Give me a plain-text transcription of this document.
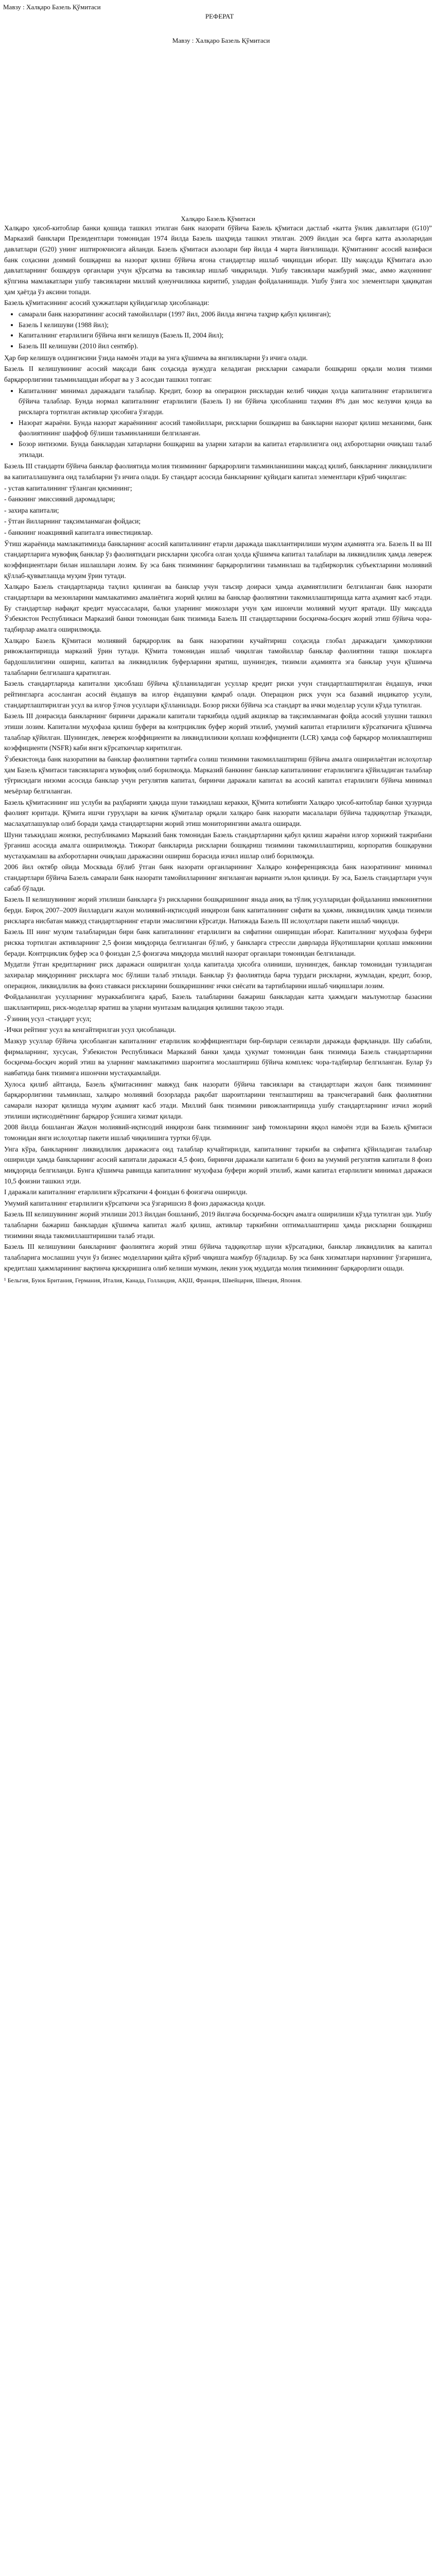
Мавзу : Халқаро Базель Қўмитаси
РЕФЕРАТ
Мавзу : Халқаро Базель Қўмитаси
Халқаро Базель Қўмитаси

Халқаро ҳисоб-китоблар банки қошида ташкил этилган банк назорати бўйича Базель қўмитаси дастлаб «катта ўнлик давлатлари (G10)” Марказий банклари Президентлари томонидан 1974 йилда Базель шаҳрида ташкил этилган. 2009 йилдан эса бирга катта аъзоларидан давлатлари (G20) унинг иштирокчисига айланди. Базель қўмитаси аъзолари бир йилда 4 марта йиғилишади. Қўмитанинг асосий вазифаси банк соҳасини доимий бошқариш ва назорат қилиш бўйича ягона стандартлар ишлаб чиқишдан иборат. Шу мақсадда Қўмитага аъзо давлатларнинг бошқарув органлари учун қўрсатма ва тавсиялар ишлаб чиқарилади. Ушбу тавсиялари мажбурий эмас, аммо жаҳоннинг кўпгина мамлакатлари ушбу тавсияларни миллий қонунчиликка киритиб, улардан фойдаланишади. Ушбу ўзига хос элементлари ҳақиқатан ҳам ҳаётда ўз аксини топади.

Базель қўмитасининг асосий ҳужжатлари қуйидагилар ҳисобланади:

• самарали банк назоратининг асосий тамойиллари (1997 йил, 2006 йилда янгича таҳрир қабул қилинган);
• Базель I келишуви (1988 йил);
• Капиталнинг етарлилиги бўйича янги келишув (Базель II, 2004 йил);
• Базель III келишуви (2010 йил сентябр).

Ҳар бир келишув олдингисини ўзида намоён этади ва унга қўшимча ва янгиликларни ўз ичига олади.

Базель II келишувининг асосий мақсади банк соҳасида вужудга келадиган рискларни самарали бошқариш орқали молия тизими барқарорлигини таъминлашдан иборат ва у 3 асосдан ташкил топган:

• Капиталнинг минимал даражадаги талаблар. Кредит, бозор ва операцион рисклардан келиб чиққан ҳолда капиталнинг етарлилигига бўйича талаблар. Бунда нормал капиталнинг етарлилиги (Базель I) ни бўйича ҳисобланиш таҳмин 8% дан мос келувчи қоида ва рискларга тортилган активлар ҳисобига ўзгарди.
• Назорат жараёни. Бунда назорат жараёнининг асосий тамойиллари, рискларни бошқариш ва банкларни назорат қилиш механизми, банк фаолиятининг шаффоф бўлиши таъминланиши белгиланган.
• Бозор интизоми. Бунда банклардан хатарларни бошқариш ва уларни хатарли ва капитал етарлилигига оид ахборотларни очиқлаш талаб этилади.

Базель III стандарти бўйича банклар фаолиятида молия тизимининг барқарорлиги таъминланишини мақсад қилиб, банкларнинг ликвидлилиги ва капиталлашувига оид талабларни ўз ичига олади. Бу стандарт асосида банкларнинг қуйидаги капитал элементлари кўриб чиқилган:

- устав капиталининг тўланган қисмининг;

- банкнинг эмиссиявий даромадлари;

- захира капитали;

- ўтган йилларнинг тақсимланмаган фойдаси;

- банкнинг ноакциявий капиталга инвестициялар.

Ўтиш жараёнида мамлакатимизда банкларнинг асосий капиталининг етарли даражада шакллантирилиши муҳим аҳамиятга эга. Базель II ва III стандартларига мувофиқ банклар ўз фаолиятидаги рискларни ҳисобга олган ҳолда қўшимча капитал талаблари ва ликвидлилик ҳамда левереж коэффициентлари билан ишлашлари лозим. Бу эса банк тизимининг барқарорлигини таъминлаш ва тадбиркорлик субъектларини молиявий қўллаб-қувватлашда муҳим ўрин тутади.

Халқаро Базель стандартларида таҳлил қилинган ва банклар учун таъсир доираси ҳамда аҳамиятлилиги белгиланган банк назорати стандартлари ва мезонларини мамлакатимиз амалиётига жорий қилиш ва банклар фаолиятини такомиллаштиришда катта аҳамият касб этади. Бу стандартлар нафақат кредит муассасалари, балки уларнинг мижозлари учун ҳам ишончли молиявий муҳит яратади. Шу мақсадда Ўзбекистон Республикаси Марказий банки томонидан банк тизимида Базель III стандартларини босқичма-босқич жорий этиш бўйича чора-тадбирлар амалга оширилмоқда.

Халқаро Базель Қўмитаси молиявий барқарорлик ва банк назоратини кучайтириш соҳасида глобал даражадаги ҳамкорликни ривожлантиришда марказий ўрин тутади. Қўмита томонидан ишлаб чиқилган тамойиллар банклар фаолиятини ташқи шокларга бардошлилигини ошириш, капитал ва ликвидлилик буферларини яратиш, шунингдек, тизимли аҳамиятга эга банклар учун қўшимча талабларни белгилашга қаратилган.

Базель стандартларида капитални ҳисоблаш бўйича қўлланиладиган усуллар кредит риски учун стандартлаштирилган ёндашув, ички рейтингларга асосланган асосий ёндашув ва илғор ёндашувни қамраб олади. Операцион риск учун эса базавий индикатор усули, стандартлаштирилган усул ва илғор ўлчов усуллари қўлланилади. Бозор риски бўйича эса стандарт ва ички моделлар усули кўзда тутилган.

Базель III доирасида банкларнинг биринчи даражали капитали таркибида оддий акциялар ва тақсимланмаган фойда асосий улушни ташкил этиши лозим. Капитални муҳофаза қилиш буфери ва контрциклик буфер жорий этилиб, умумий капитал етарлилиги кўрсаткичига қўшимча талаблар қўйилган. Шунингдек, левереж коэффициенти ва ликвидлиликни қоплаш коэффициенти (LCR) ҳамда соф барқарор молиялаштириш коэффициенти (NSFR) каби янги кўрсаткичлар киритилган.

Ўзбекистонда банк назоратини ва банклар фаолиятини тартибга солиш тизимини такомиллаштириш бўйича амалга оширилаётган ислоҳотлар ҳам Базель қўмитаси тавсияларига мувофиқ олиб борилмоқда. Марказий банкнинг банклар капиталининг етарлилигига қўйиладиган талаблар тўғрисидаги низоми асосида банклар учун регулятив капитал, биринчи даражали капитал ва асосий капитал етарлилиги бўйича минимал меъёрлар белгиланган.

Базель қўмитасининг иш услуби ва раҳбарияти ҳақида шуни таъкидлаш керакки, Қўмита котибияти Халқаро ҳисоб-китоблар банки ҳузурида фаолият юритади. Қўмита ишчи гуруҳлари ва кичик қўмиталар орқали халқаро банк назорати масалалари бўйича тадқиқотлар ўтказади, маслаҳатлашувлар олиб боради ҳамда стандартларни жорий этиш мониторингини амалга оширади.

Шуни таъкидлаш жоизки, республикамиз Марказий банк томонидан Базель стандартларини қабул қилиш жараёни илғор хорижий тажрибани ўрганиш асосида амалга оширилмоқда. Тижорат банкларида рискларни бошқариш тизимини такомиллаштириш, корпоратив бошқарувни мустаҳкамлаш ва ахборотларни очиқлаш даражасини ошириш борасида изчил ишлар олиб борилмоқда.

2006 йил октябр ойида Москвада бўлиб ўтган банк назорати органларининг Халқаро конференциясида банк назоратининг минимал стандартлари бўйича Базель самарали банк назорати тамойилларининг янгиланган варианти эълон қилинди. Бу эса, Базель стандартлари учун сабаб бўлади.

Базель II келишувининг жорий этилиши банкларга ўз рискларини бошқаришнинг янада аниқ ва тўлиқ усулларидан фойдаланиш имкониятини берди. Бироқ 2007–2009 йиллардаги жаҳон молиявий-иқтисодий инқирози банк капиталининг сифати ва ҳажми, ликвидлилик ҳамда тизимли рискларга нисбатан мавжуд стандартларнинг етарли эмаслигини кўрсатди. Натижада Базель III ислоҳотлари пакети ишлаб чиқилди.

Базель III нинг муҳим талабларидан бири банк капиталининг етарлилиги ва сифатини оширишдан иборат. Капиталнинг муҳофаза буфери рискка тортилган активларнинг 2,5 фоизи миқдорида белгиланган бўлиб, у банкларга стрессли даврларда йўқотишларни қоплаш имконини беради. Контрциклик буфер эса 0 фоиздан 2,5 фоизгача миқдорда миллий назорат органлари томонидан белгиланади.

Мудатли ўтган кредитларнинг риск даражаси оширилган ҳолда капиталда ҳисобга олиниши, шунингдек, банклар томонидан тузиладиган захиралар миқдорининг рискларга мос бўлиши талаб этилади. Банклар ўз фаолиятида барча турдаги рискларни, жумладан, кредит, бозор, операцион, ликвидлилик ва фоиз ставкаси рискларини бошқаришнинг ички сиёсати ва тартибларини ишлаб чиқишлари лозим.

Фойдаланилган усулларнинг мураккаблигига қараб, Базель талабларини бажариш банклардан катта ҳажмдаги маълумотлар базасини шакллантириш, риск-моделлар яратиш ва уларни мунтазам валидация қилишни тақозо этади.

-Ўзиниң усул -стандарт усул;

-Ички рейтинг усул ва кенгайтирилган усул ҳисобланади.

Мазкур усуллар бўйича ҳисобланган капиталнинг етарлилик коэффициентлари бир-бирлари сезиларли даражада фарқланади. Шу сабабли, фирмаларнинг, хусусан, Ўзбекистон Республикаси Марказий банки ҳамда ҳукумат томонидан банк тизимида Базель стандартларини босқичма-босқич жорий этиш ва уларнинг мамлакатимиз шароитига мослаштириш бўйича комплекс чора-тадбирлар белгиланган. Булар ўз навбатида банк тизимига ишончни мустаҳкамлайди.

Хулоса қилиб айтганда, Базель қўмитасининг мавжуд банк назорати бўйича тавсиялари ва стандартлари жаҳон банк тизимининг барқарорлигини таъминлаш, халқаро молиявий бозорларда рақобат шароитларини тенглаштириш ва трансчегаравий банк фаолиятини самарали назорат қилишда муҳим аҳамият касб этади. Миллий банк тизимини ривожлантиришда ушбу стандартларнинг изчил жорий этилиши иқтисодиётнинг барқарор ўсишига хизмат қилади.

2008 йилда бошланган Жаҳон молиявий-иқтисодий инқирози банк тизимининг заиф томонларини яққол намоён этди ва Базель қўмитаси томонидан янги ислоҳотлар пакети ишлаб чиқилишига туртки бўлди.

Унга кўра, банкларнинг ликвидлилик даражасига оид талаблар кучайтирилди, капиталнинг таркиби ва сифатига қўйиладиган талаблар оширилди ҳамда банкларнинг асосий капитали даражаси 4,5 фоиз, биринчи даражали капитали 6 фоиз ва умумий регулятив капитали 8 фоиз миқдорида белгиланди. Бунга қўшимча равишда капиталнинг муҳофаза буфери жорий этилиб, жами капитал етарлилиги минимал даражаси 10,5 фоизни ташкил этди.

I даражали капиталнинг етарлилиги кўрсаткичи 4 фоиздан 6 фоизгача оширилди.

Умумий капиталнинг етарлилиги кўрсаткичи эса ўзгаришсиз 8 фоиз даражасида қолди.

Базель III келишувининг жорий этилиши 2013 йилдан бошланиб, 2019 йилгача босқичма-босқич амалга оширилиши кўзда тутилган эди. Ушбу талабларни бажариш банклардан қўшимча капитал жалб қилиш, активлар таркибини оптималлаштириш ҳамда рискларни бошқариш тизимини янада такомиллаштиришни талаб этади.

Базель III келишувини банкларнинг фаолиятига жорий этиш бўйича тадқиқотлар шуни кўрсатадики, банклар ликвидлилик ва капитал талабларига мослашиш учун ўз бизнес моделларини қайта кўриб чиқишга мажбур бўладилар. Бу эса банк хизматлари нархининг ўзгаришига, кредитлаш ҳажмларининг вақтинча қисқаришига олиб келиши мумкин, лекин узоқ муддатда молия тизимининг барқарорлиги ошади.

¹ Бельгия, Буюк Британия, Германия, Италия, Канада, Голландия, АҚШ, Франция, Швейцария, Швеция, Япония.
